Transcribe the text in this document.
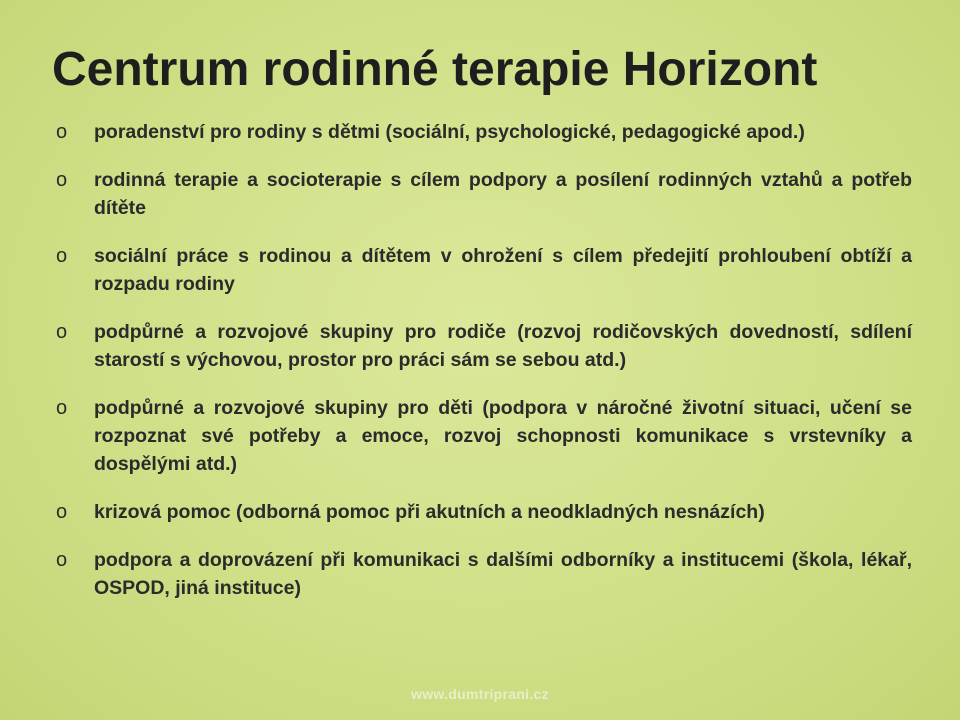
Centrum rodinné terapie Horizont
o	poradenství pro rodiny s dětmi (sociální, psychologické, pedagogické apod.)
o	rodinná terapie a socioterapie s cílem podpory a posílení rodinných vztahů a potřeb dítěte
o	sociální práce s rodinou a dítětem v ohrožení s cílem předejití prohloubení obtíží a rozpadu rodiny
o	podpůrné a rozvojové skupiny pro rodiče (rozvoj rodičovských dovedností, sdílení starostí s výchovou, prostor pro práci sám se sebou atd.)
o	podpůrné a rozvojové skupiny pro děti (podpora v náročné životní situaci, učení se rozpoznat své potřeby a emoce, rozvoj schopnosti komunikace s vrstevníky a dospělými atd.)
o	krizová pomoc (odborná pomoc při akutních a neodkladných nesnázích)
o	podpora a doprovázení při komunikaci s dalšími odborníky a institucemi (škola, lékař, OSPOD, jiná instituce)
www.dumtriprani.cz
